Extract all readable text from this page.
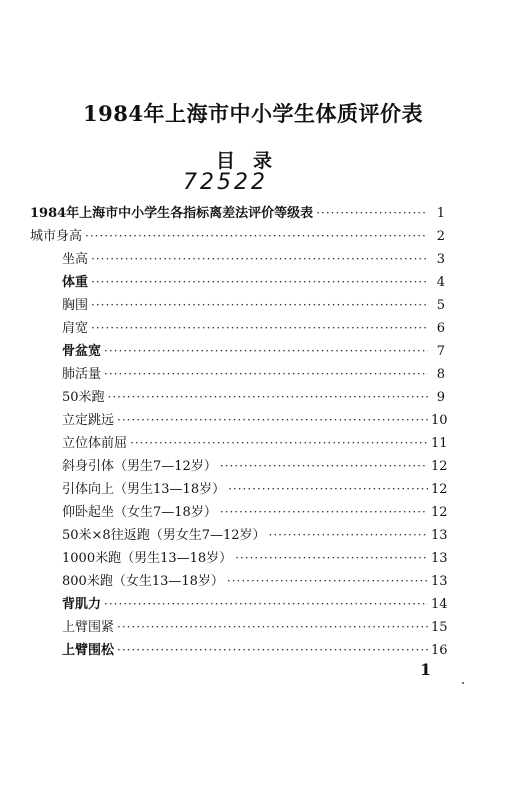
1984年上海市中小学生体质评价表
目录
72522
1984年上海市中小学生各指标离差法评价等级表 ·····	1
城市身高 ·····	2
坐高 ·····	3
体重 ·····	4
胸围 ·····	5
肩宽 ·····	6
骨盆宽 ·····	7
肺活量 ·····	8
50米跑 ·····	9
立定跳远 ·····	10
立位体前屈 ·····	11
斜身引体（男生7—12岁） ·····	12
引体向上（男生13—18岁） ·····	12
仰卧起坐（女生7—18岁） ·····	12
50米×8往返跑（男女生7—12岁） ·····	13
1000米跑（男生13—18岁） ·····	13
800米跑（女生13—18岁） ·····	13
背肌力 ·····	14
上臂围紧 ·····	15
上臂围松 ·····	16
1
